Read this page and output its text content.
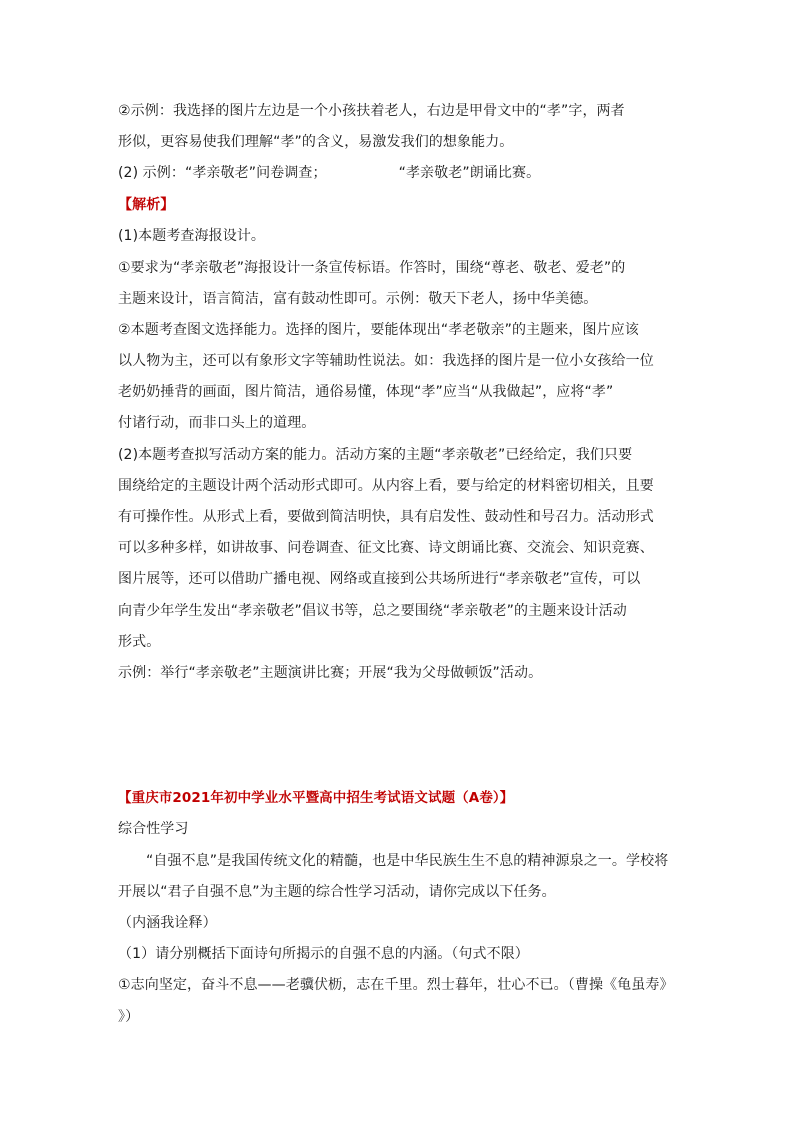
②示例：我选择的图片左边是一个小孩扶着老人，右边是甲骨文中的“孝”字，两者
形似，更容易使我们理解“孝”的含义，易激发我们的想象能力。
(2) 示例：“孝亲敬老”问卷调查；	“孝亲敬老”朗诵比赛。
【解析】
(1)本题考查海报设计。
①要求为“孝亲敬老”海报设计一条宣传标语。作答时，围绕“尊老、敬老、爱老”的
主题来设计，语言简洁，富有鼓动性即可。示例：敬天下老人，扬中华美德。
②本题考查图文选择能力。选择的图片，要能体现出“孝老敬亲”的主题来，图片应该
以人物为主，还可以有象形文字等辅助性说法。如：我选择的图片是一位小女孩给一位
老奶奶捶背的画面，图片简洁，通俗易懂，体现“孝”应当“从我做起”，应将“孝”
付诸行动，而非口头上的道理。
(2)本题考查拟写活动方案的能力。活动方案的主题“孝亲敬老”已经给定，我们只要
围绕给定的主题设计两个活动形式即可。从内容上看，要与给定的材料密切相关，且要
有可操作性。从形式上看，要做到简洁明快，具有启发性、鼓动性和号召力。活动形式
可以多种多样，如讲故事、问卷调查、征文比赛、诗文朗诵比赛、交流会、知识竞赛、
图片展等，还可以借助广播电视、网络或直接到公共场所进行“孝亲敬老”宣传，可以
向青少年学生发出“孝亲敬老”倡议书等，总之要围绕“孝亲敬老”的主题来设计活动
形式。
示例：举行“孝亲敬老”主题演讲比赛；开展“我为父母做顿饭”活动。
【重庆市2021年初中学业水平暨高中招生考试语文试题（A卷）】
综合性学习
“自强不息”是我国传统文化的精髓，也是中华民族生生不息的精神源泉之一。学校将
开展以“君子自强不息”为主题的综合性学习活动，请你完成以下任务。
（内涵我诠释）
（1）请分别概括下面诗句所揭示的自强不息的内涵。（句式不限）
①志向坚定，奋斗不息——老骥伏枥，志在千里。烈士暮年，壮心不已。（曹操《龟虽寿》
》）
